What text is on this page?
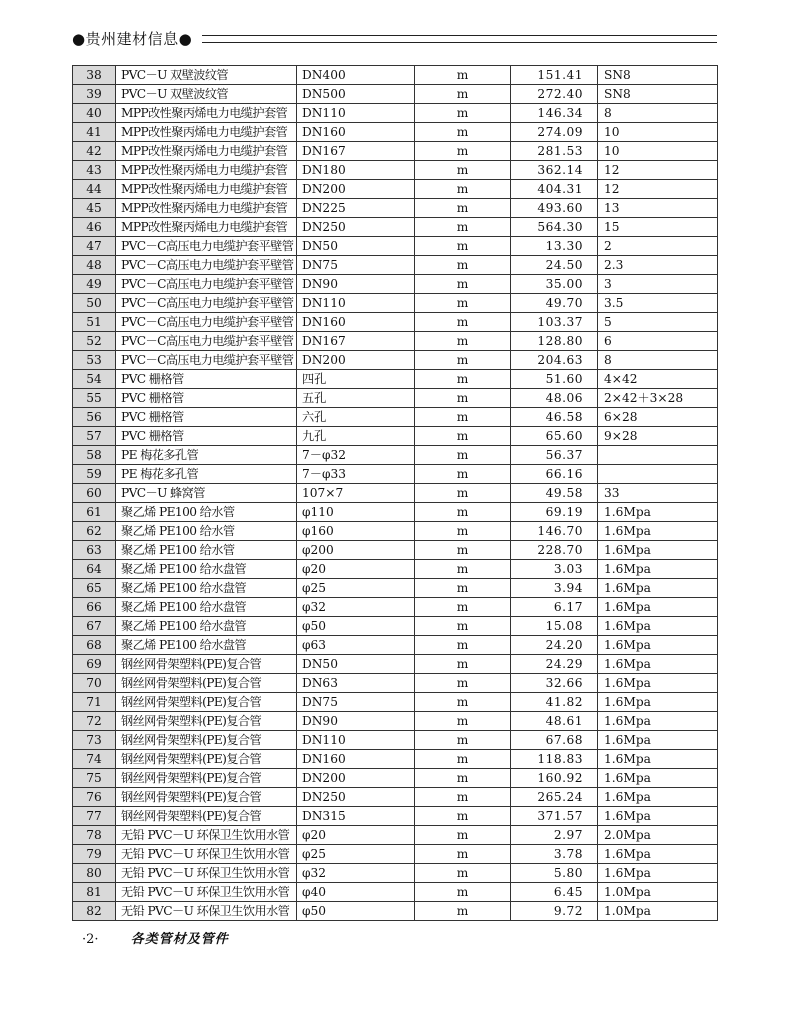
●贵州建材信息●
38	PVC－U 双壁波纹管	DN400	m	151.41	SN8
39	PVC－U 双壁波纹管	DN500	m	272.40	SN8
40	MPP改性聚丙烯电力电缆护套管	DN110	m	146.34	8
41	MPP改性聚丙烯电力电缆护套管	DN160	m	274.09	10
42	MPP改性聚丙烯电力电缆护套管	DN167	m	281.53	10
43	MPP改性聚丙烯电力电缆护套管	DN180	m	362.14	12
44	MPP改性聚丙烯电力电缆护套管	DN200	m	404.31	12
45	MPP改性聚丙烯电力电缆护套管	DN225	m	493.60	13
46	MPP改性聚丙烯电力电缆护套管	DN250	m	564.30	15
47	PVC－C高压电力电缆护套平壁管	DN50	m	13.30	2
48	PVC－C高压电力电缆护套平壁管	DN75	m	24.50	2.3
49	PVC－C高压电力电缆护套平壁管	DN90	m	35.00	3
50	PVC－C高压电力电缆护套平壁管	DN110	m	49.70	3.5
51	PVC－C高压电力电缆护套平壁管	DN160	m	103.37	5
52	PVC－C高压电力电缆护套平壁管	DN167	m	128.80	6
53	PVC－C高压电力电缆护套平壁管	DN200	m	204.63	8
54	PVC 栅格管	四孔	m	51.60	4×42
55	PVC 栅格管	五孔	m	48.06	2×42＋3×28
56	PVC 栅格管	六孔	m	46.58	6×28
57	PVC 栅格管	九孔	m	65.60	9×28
58	PE 梅花多孔管	7－φ32	m	56.37	
59	PE 梅花多孔管	7－φ33	m	66.16	
60	PVC－U 蜂窝管	107×7	m	49.58	33
61	聚乙烯 PE100 给水管	φ110	m	69.19	1.6Mpa
62	聚乙烯 PE100 给水管	φ160	m	146.70	1.6Mpa
63	聚乙烯 PE100 给水管	φ200	m	228.70	1.6Mpa
64	聚乙烯 PE100 给水盘管	φ20	m	3.03	1.6Mpa
65	聚乙烯 PE100 给水盘管	φ25	m	3.94	1.6Mpa
66	聚乙烯 PE100 给水盘管	φ32	m	6.17	1.6Mpa
67	聚乙烯 PE100 给水盘管	φ50	m	15.08	1.6Mpa
68	聚乙烯 PE100 给水盘管	φ63	m	24.20	1.6Mpa
69	钢丝网骨架塑料(PE)复合管	DN50	m	24.29	1.6Mpa
70	钢丝网骨架塑料(PE)复合管	DN63	m	32.66	1.6Mpa
71	钢丝网骨架塑料(PE)复合管	DN75	m	41.82	1.6Mpa
72	钢丝网骨架塑料(PE)复合管	DN90	m	48.61	1.6Mpa
73	钢丝网骨架塑料(PE)复合管	DN110	m	67.68	1.6Mpa
74	钢丝网骨架塑料(PE)复合管	DN160	m	118.83	1.6Mpa
75	钢丝网骨架塑料(PE)复合管	DN200	m	160.92	1.6Mpa
76	钢丝网骨架塑料(PE)复合管	DN250	m	265.24	1.6Mpa
77	钢丝网骨架塑料(PE)复合管	DN315	m	371.57	1.6Mpa
78	无铅 PVC－U 环保卫生饮用水管	φ20	m	2.97	2.0Mpa
79	无铅 PVC－U 环保卫生饮用水管	φ25	m	3.78	1.6Mpa
80	无铅 PVC－U 环保卫生饮用水管	φ32	m	5.80	1.6Mpa
81	无铅 PVC－U 环保卫生饮用水管	φ40	m	6.45	1.0Mpa
82	无铅 PVC－U 环保卫生饮用水管	φ50	m	9.72	1.0Mpa
·2· 各类管材及管件
